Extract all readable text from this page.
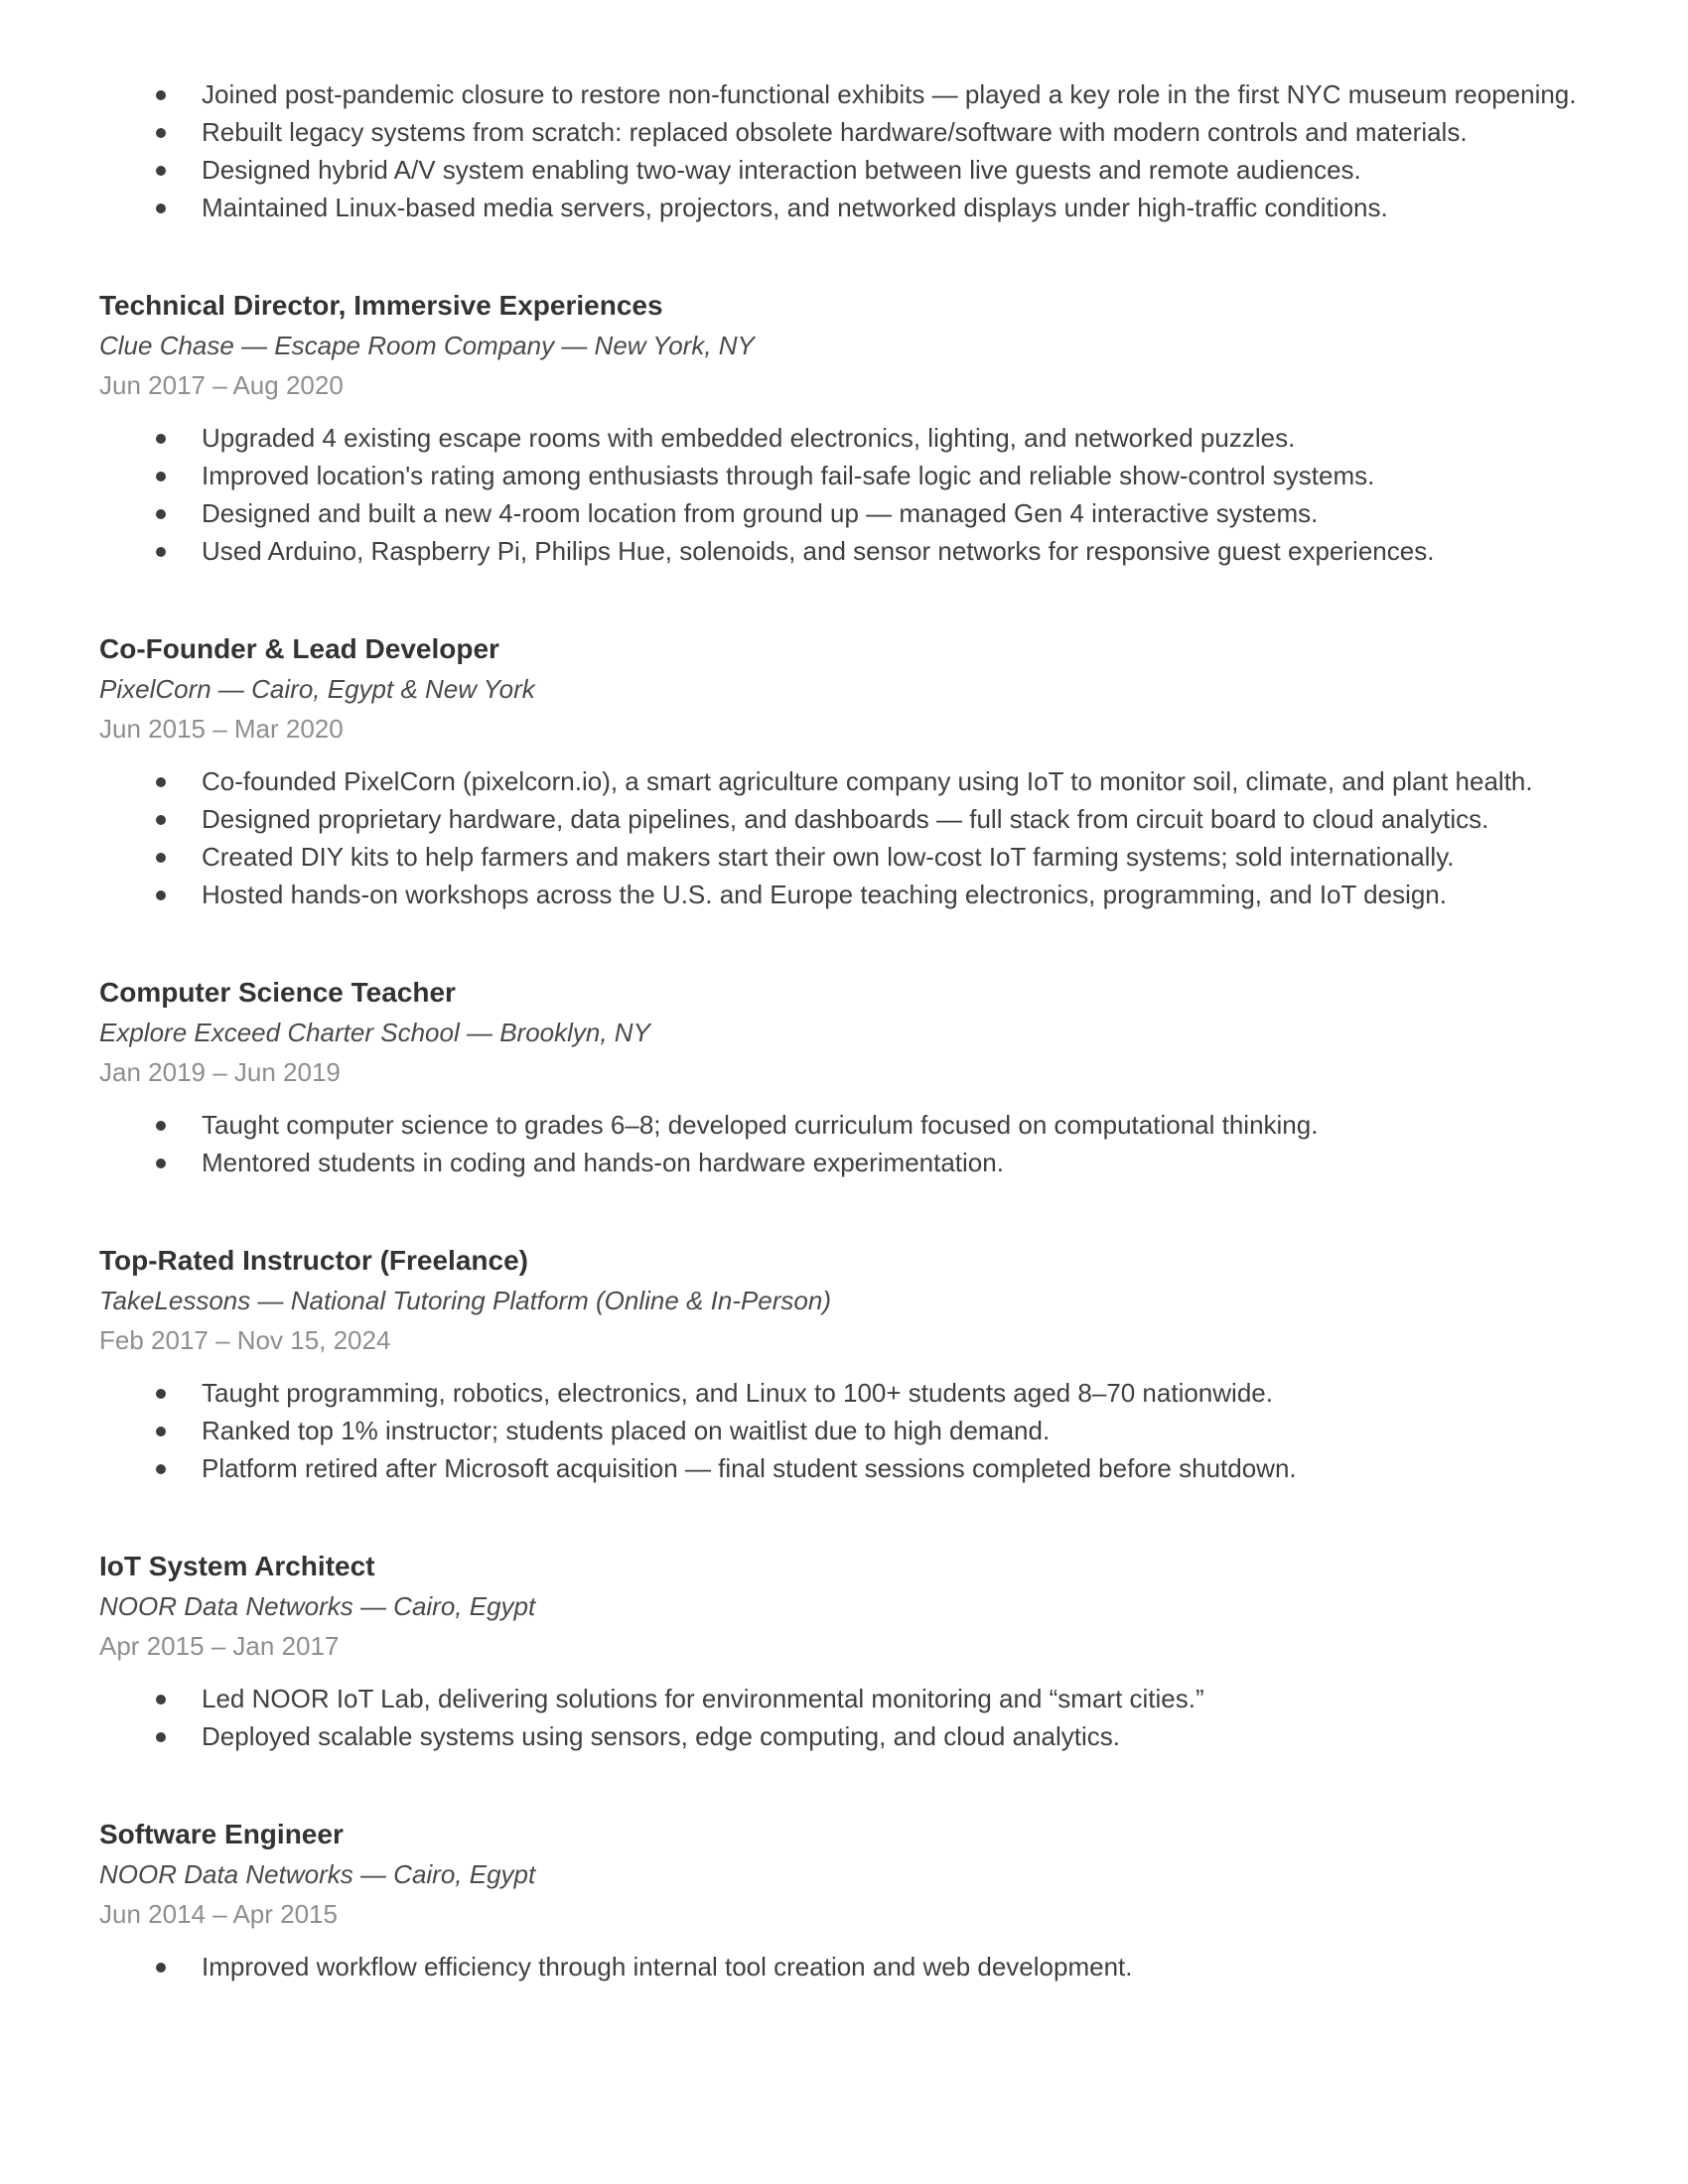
Joined post-pandemic closure to restore non-functional exhibits — played a key role in the first NYC museum reopening.
Rebuilt legacy systems from scratch: replaced obsolete hardware/software with modern controls and materials.
Designed hybrid A/V system enabling two-way interaction between live guests and remote audiences.
Maintained Linux-based media servers, projectors, and networked displays under high-traffic conditions.
Technical Director, Immersive Experiences

Clue Chase — Escape Room Company — New York, NY

Jun 2017 – Aug 2020

Upgraded 4 existing escape rooms with embedded electronics, lighting, and networked puzzles.
Improved location's rating among enthusiasts through fail-safe logic and reliable show-control systems.
Designed and built a new 4-room location from ground up — managed Gen 4 interactive systems.
Used Arduino, Raspberry Pi, Philips Hue, solenoids, and sensor networks for responsive guest experiences.
Co-Founder & Lead Developer

PixelCorn — Cairo, Egypt & New York

Jun 2015 – Mar 2020

Co-founded PixelCorn (pixelcorn.io), a smart agriculture company using IoT to monitor soil, climate, and plant health.
Designed proprietary hardware, data pipelines, and dashboards — full stack from circuit board to cloud analytics.
Created DIY kits to help farmers and makers start their own low-cost IoT farming systems; sold internationally.
Hosted hands-on workshops across the U.S. and Europe teaching electronics, programming, and IoT design.
Computer Science Teacher

Explore Exceed Charter School — Brooklyn, NY

Jan 2019 – Jun 2019

Taught computer science to grades 6–8; developed curriculum focused on computational thinking.
Mentored students in coding and hands-on hardware experimentation.
Top-Rated Instructor (Freelance)

TakeLessons — National Tutoring Platform (Online & In-Person)

Feb 2017 – Nov 15, 2024

Taught programming, robotics, electronics, and Linux to 100+ students aged 8–70 nationwide.
Ranked top 1% instructor; students placed on waitlist due to high demand.
Platform retired after Microsoft acquisition — final student sessions completed before shutdown.
IoT System Architect

NOOR Data Networks — Cairo, Egypt

Apr 2015 – Jan 2017

Led NOOR IoT Lab, delivering solutions for environmental monitoring and “smart cities.”
Deployed scalable systems using sensors, edge computing, and cloud analytics.
Software Engineer

NOOR Data Networks — Cairo, Egypt

Jun 2014 – Apr 2015

Improved workflow efficiency through internal tool creation and web development.
